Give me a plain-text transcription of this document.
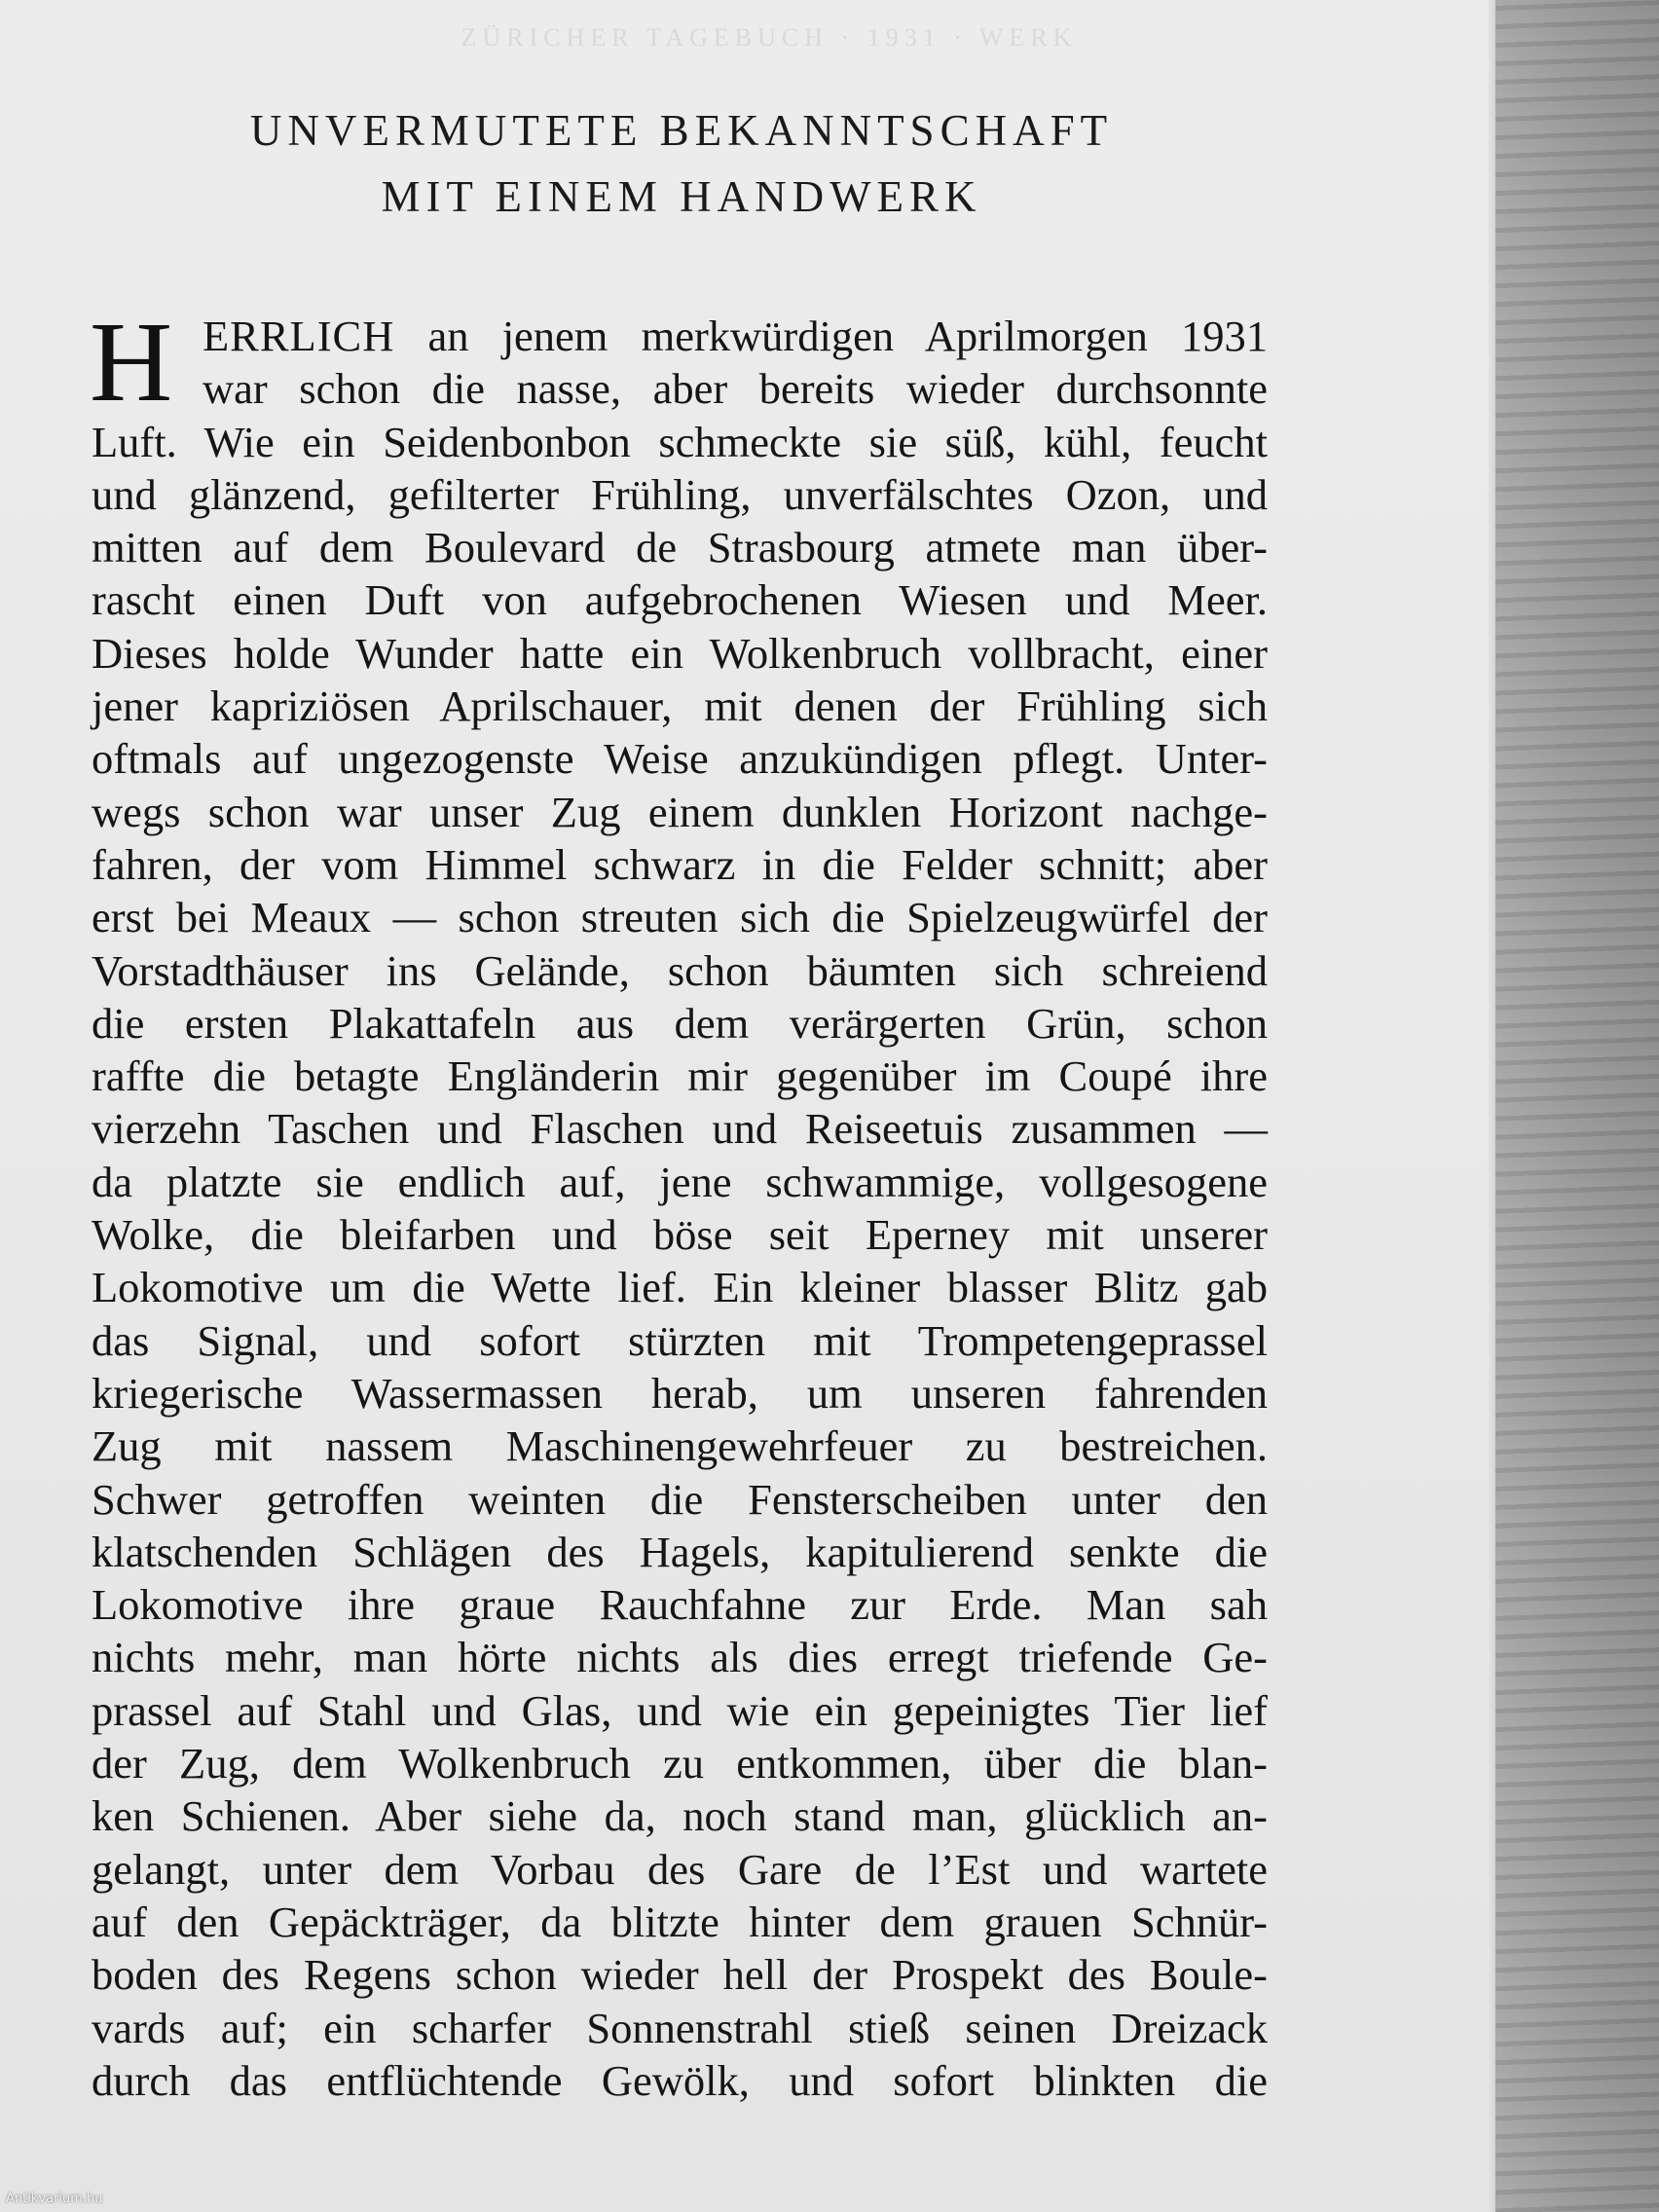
ZÜRICHER TAGEBUCH · 1931 · WERK
UNVERMUTETE BEKANNTSCHAFT
MIT EINEM HANDWERK
H ERRLICH an jenem merkwürdigen Aprilmorgen 1931
war schon die nasse, aber bereits wieder durchsonnte
Luft. Wie ein Seidenbonbon schmeckte sie süß, kühl, feucht
und glänzend, gefilterter Frühling, unverfälschtes Ozon, und
mitten auf dem Boulevard de Strasbourg atmete man über-
rascht einen Duft von aufgebrochenen Wiesen und Meer.
Dieses holde Wunder hatte ein Wolkenbruch vollbracht, einer
jener kapriziösen Aprilschauer, mit denen der Frühling sich
oftmals auf ungezogenste Weise anzukündigen pflegt. Unter-
wegs schon war unser Zug einem dunklen Horizont nachge-
fahren, der vom Himmel schwarz in die Felder schnitt; aber
erst bei Meaux — schon streuten sich die Spielzeugwürfel der
Vorstadthäuser ins Gelände, schon bäumten sich schreiend
die ersten Plakattafeln aus dem verärgerten Grün, schon
raffte die betagte Engländerin mir gegenüber im Coupé ihre
vierzehn Taschen und Flaschen und Reiseetuis zusammen —
da platzte sie endlich auf, jene schwammige, vollgesogene
Wolke, die bleifarben und böse seit Eperney mit unserer
Lokomotive um die Wette lief. Ein kleiner blasser Blitz gab
das Signal, und sofort stürzten mit Trompetengeprassel
kriegerische Wassermassen herab, um unseren fahrenden
Zug mit nassem Maschinengewehrfeuer zu bestreichen.
Schwer getroffen weinten die Fensterscheiben unter den
klatschenden Schlägen des Hagels, kapitulierend senkte die
Lokomotive ihre graue Rauchfahne zur Erde. Man sah
nichts mehr, man hörte nichts als dies erregt triefende Ge-
prassel auf Stahl und Glas, und wie ein gepeinigtes Tier lief
der Zug, dem Wolkenbruch zu entkommen, über die blan-
ken Schienen. Aber siehe da, noch stand man, glücklich an-
gelangt, unter dem Vorbau des Gare de l’Est und wartete
auf den Gepäckträger, da blitzte hinter dem grauen Schnür-
boden des Regens schon wieder hell der Prospekt des Boule-
vards auf; ein scharfer Sonnenstrahl stieß seinen Dreizack
durch das entflüchtende Gewölk, und sofort blinkten die
Antikvarium.hu
